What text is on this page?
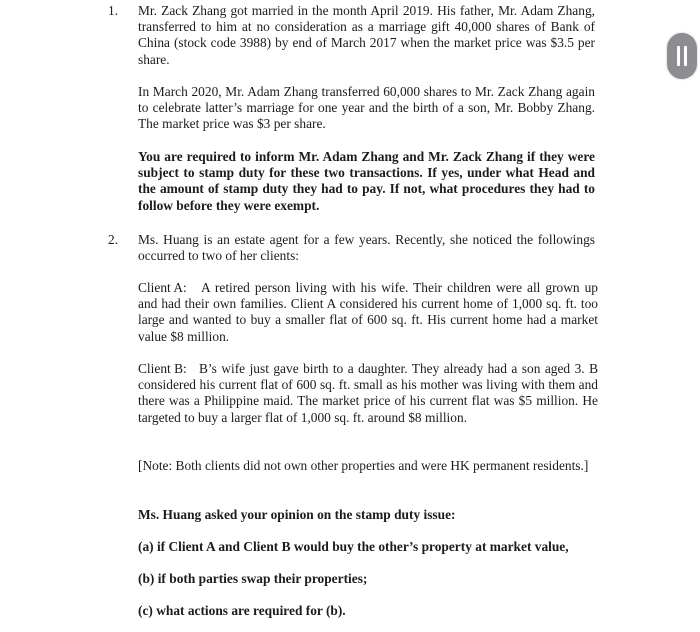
1. Mr. Zack Zhang got married in the month April 2019. His father, Mr. Adam Zhang, transferred to him at no consideration as a marriage gift 40,000 shares of Bank of China (stock code 3988) by end of March 2017 when the market price was $3.5 per share.

In March 2020, Mr. Adam Zhang transferred 60,000 shares to Mr. Zack Zhang again to celebrate latter’s marriage for one year and the birth of a son, Mr. Bobby Zhang. The market price was $3 per share.

You are required to inform Mr. Adam Zhang and Mr. Zack Zhang if they were subject to stamp duty for these two transactions. If yes, under what Head and the amount of stamp duty they had to pay. If not, what procedures they had to follow before they were exempt.

2. Ms. Huang is an estate agent for a few years. Recently, she noticed the followings occurred to two of her clients:

Client A:	A retired person living with his wife. Their children were all grown up and had their own families. Client A considered his current home of 1,000 sq. ft. too large and wanted to buy a smaller flat of 600 sq. ft. His current home had a market value $8 million.

Client B: B’s wife just gave birth to a daughter. They already had a son aged 3. B considered his current flat of 600 sq. ft. small as his mother was living with them and there was a Philippine maid. The market price of his current flat was $5 million. He targeted to buy a larger flat of 1,000 sq. ft. around $8 million.

[Note: Both clients did not own other properties and were HK permanent residents.]

Ms. Huang asked your opinion on the stamp duty issue:

(a) if Client A and Client B would buy the other’s property at market value,

(b) if both parties swap their properties;

(c) what actions are required for (b).
